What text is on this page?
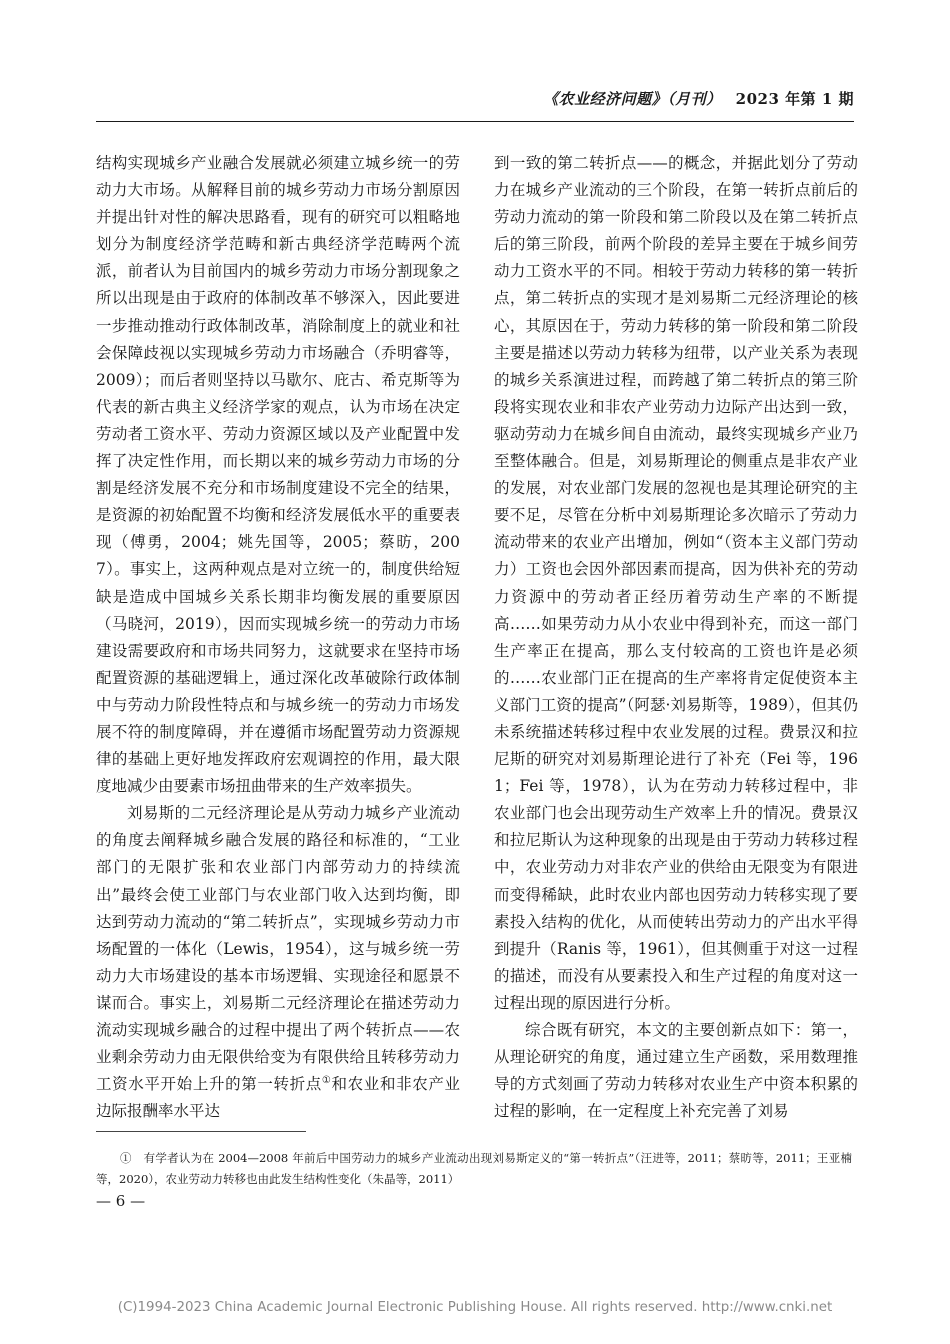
《农业经济问题》（月刊） 2023 年第 1 期

结构实现城乡产业融合发展就必须建立城乡统一的劳动力大市场。从解释目前的城乡劳动力市场分割原因并提出针对性的解决思路看，现有的研究可以粗略地划分为制度经济学范畴和新古典经济学范畴两个流派，前者认为目前国内的城乡劳动力市场分割现象之所以出现是由于政府的体制改革不够深入，因此要进一步推动推动行政体制改革，消除制度上的就业和社会保障歧视以实现城乡劳动力市场融合（乔明睿等，2009）；而后者则坚持以马歇尔、庇古、希克斯等为代表的新古典主义经济学家的观点，认为市场在决定劳动者工资水平、劳动力资源区域以及产业配置中发挥了决定性作用，而长期以来的城乡劳动力市场的分割是经济发展不充分和市场制度建设不完全的结果，是资源的初始配置不均衡和经济发展低水平的重要表现（傅勇，2004；姚先国等，2005；蔡昉，2007）。事实上，这两种观点是对立统一的，制度供给短缺是造成中国城乡关系长期非均衡发展的重要原因（马晓河，2019），因而实现城乡统一的劳动力市场建设需要政府和市场共同努力，这就要求在坚持市场配置资源的基础逻辑上，通过深化改革破除行政体制中与劳动力阶段性特点和与城乡统一的劳动力市场发展不符的制度障碍，并在遵循市场配置劳动力资源规律的基础上更好地发挥政府宏观调控的作用，最大限度地减少由要素市场扭曲带来的生产效率损失。

刘易斯的二元经济理论是从劳动力城乡产业流动的角度去阐释城乡融合发展的路径和标准的，“工业部门的无限扩张和农业部门内部劳动力的持续流出”最终会使工业部门与农业部门收入达到均衡，即达到劳动力流动的“第二转折点”，实现城乡劳动力市场配置的一体化（Lewis，1954），这与城乡统一劳动力大市场建设的基本市场逻辑、实现途径和愿景不谋而合。事实上，刘易斯二元经济理论在描述劳动力流动实现城乡融合的过程中提出了两个转折点——农业剩余劳动力由无限供给变为有限供给且转移劳动力工资水平开始上升的第一转折点①和农业和非农产业边际报酬率水平达

到一致的第二转折点——的概念，并据此划分了劳动力在城乡产业流动的三个阶段，在第一转折点前后的劳动力流动的第一阶段和第二阶段以及在第二转折点后的第三阶段，前两个阶段的差异主要在于城乡间劳动力工资水平的不同。相较于劳动力转移的第一转折点，第二转折点的实现才是刘易斯二元经济理论的核心，其原因在于，劳动力转移的第一阶段和第二阶段主要是描述以劳动力转移为纽带，以产业关系为表现的城乡关系演进过程，而跨越了第二转折点的第三阶段将实现农业和非农产业劳动力边际产出达到一致，驱动劳动力在城乡间自由流动，最终实现城乡产业乃至整体融合。但是，刘易斯理论的侧重点是非农产业的发展，对农业部门发展的忽视也是其理论研究的主要不足，尽管在分析中刘易斯理论多次暗示了劳动力流动带来的农业产出增加，例如“（资本主义部门劳动力）工资也会因外部因素而提高，因为供补充的劳动力资源中的劳动者正经历着劳动生产率的不断提高……如果劳动力从小农业中得到补充，而这一部门生产率正在提高，那么支付较高的工资也许是必须的……农业部门正在提高的生产率将肯定促使资本主义部门工资的提高”（阿瑟·刘易斯等，1989），但其仍未系统描述转移过程中农业发展的过程。费景汉和拉尼斯的研究对刘易斯理论进行了补充（Fei 等，1961；Fei 等，1978），认为在劳动力转移过程中，非农业部门也会出现劳动生产效率上升的情况。费景汉和拉尼斯认为这种现象的出现是由于劳动力转移过程中，农业劳动力对非农产业的供给由无限变为有限进而变得稀缺，此时农业内部也因劳动力转移实现了要素投入结构的优化，从而使转出劳动力的产出水平得到提升（Ranis 等，1961），但其侧重于对这一过程的描述，而没有从要素投入和生产过程的角度对这一过程出现的原因进行分析。

综合既有研究，本文的主要创新点如下：第一，从理论研究的角度，通过建立生产函数，采用数理推导的方式刻画了劳动力转移对农业生产中资本积累的过程的影响，在一定程度上补充完善了刘易

①　有学者认为在 2004—2008 年前后中国劳动力的城乡产业流动出现刘易斯定义的“第一转折点”（汪进等，2011；蔡昉等，2011；王亚楠等，2020），农业劳动力转移也由此发生结构性变化（朱晶等，2011）
— 6 —
(C)1994-2023 China Academic Journal Electronic Publishing House. All rights reserved. http://www.cnki.net
